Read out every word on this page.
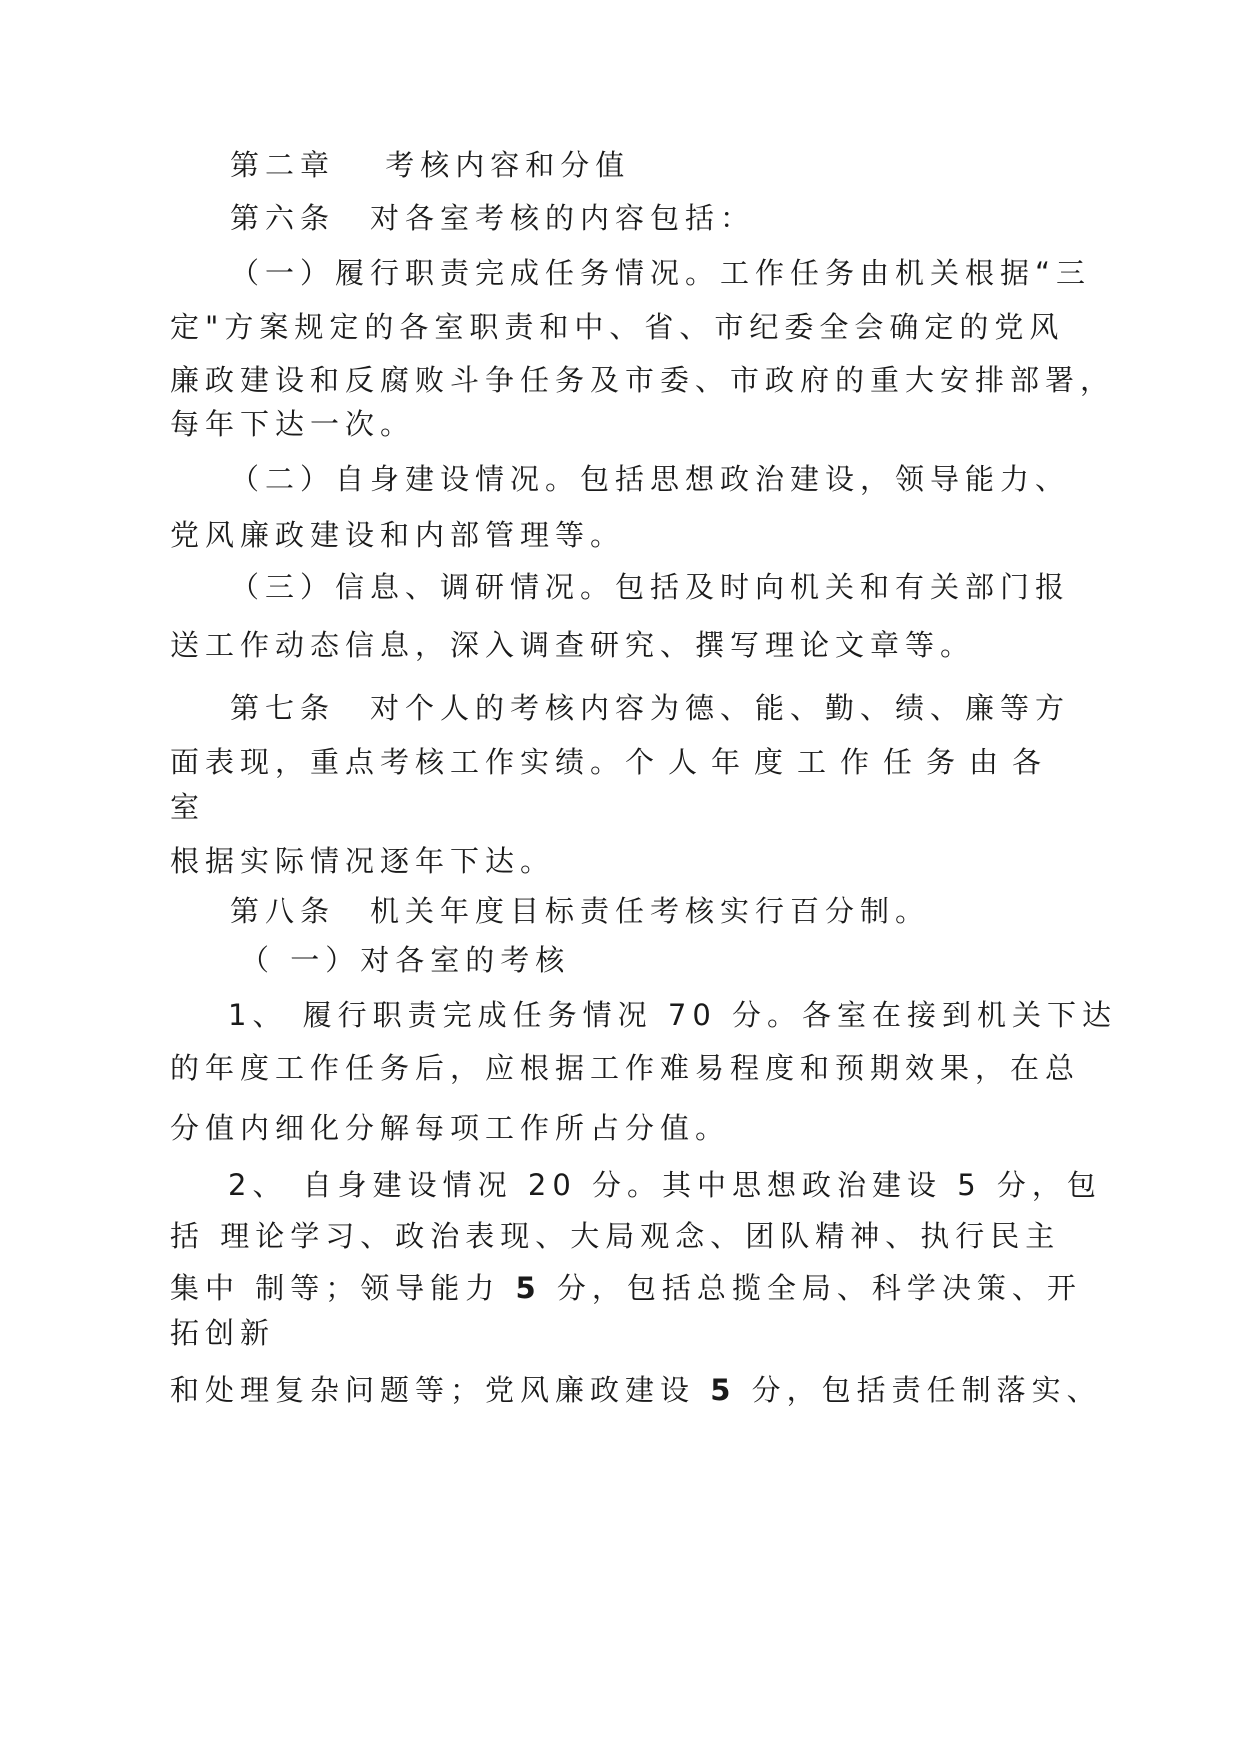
第二章　 考核内容和分值
第六条　对各室考核的内容包括：
（一）履行职责完成任务情况。工作任务由机关根据“三
定"方案规定的各室职责和中、省、市纪委全会确定的党风
廉政建设和反腐败斗争任务及市委、市政府的重大安排部署，
每年下达一次。
（二）自身建设情况。包括思想政治建设，领导能力、
党风廉政建设和内部管理等。
（三）信息、调研情况。包括及时向机关和有关部门报
送工作动态信息，深入调查研究、撰写理论文章等。
第七条　对个人的考核内容为德、能、勤、绩、廉等方
面表现，重点考核工作实绩。个人年度工作任务由各
室
根据实际情况逐年下达。
第八条　机关年度目标责任考核实行百分制。
（ 一）对各室的考核
1、 履行职责完成任务情况 70 分。各室在接到机关下达
的年度工作任务后，应根据工作难易程度和预期效果，在总
分值内细化分解每项工作所占分值。
2、 自身建设情况 20 分。其中思想政治建设 5 分，包
括 理论学习、政治表现、大局观念、团队精神、执行民主
集中 制等；领导能力 5 分，包括总揽全局、科学决策、开
拓创新
和处理复杂问题等；党风廉政建设 5 分，包括责任制落实、
